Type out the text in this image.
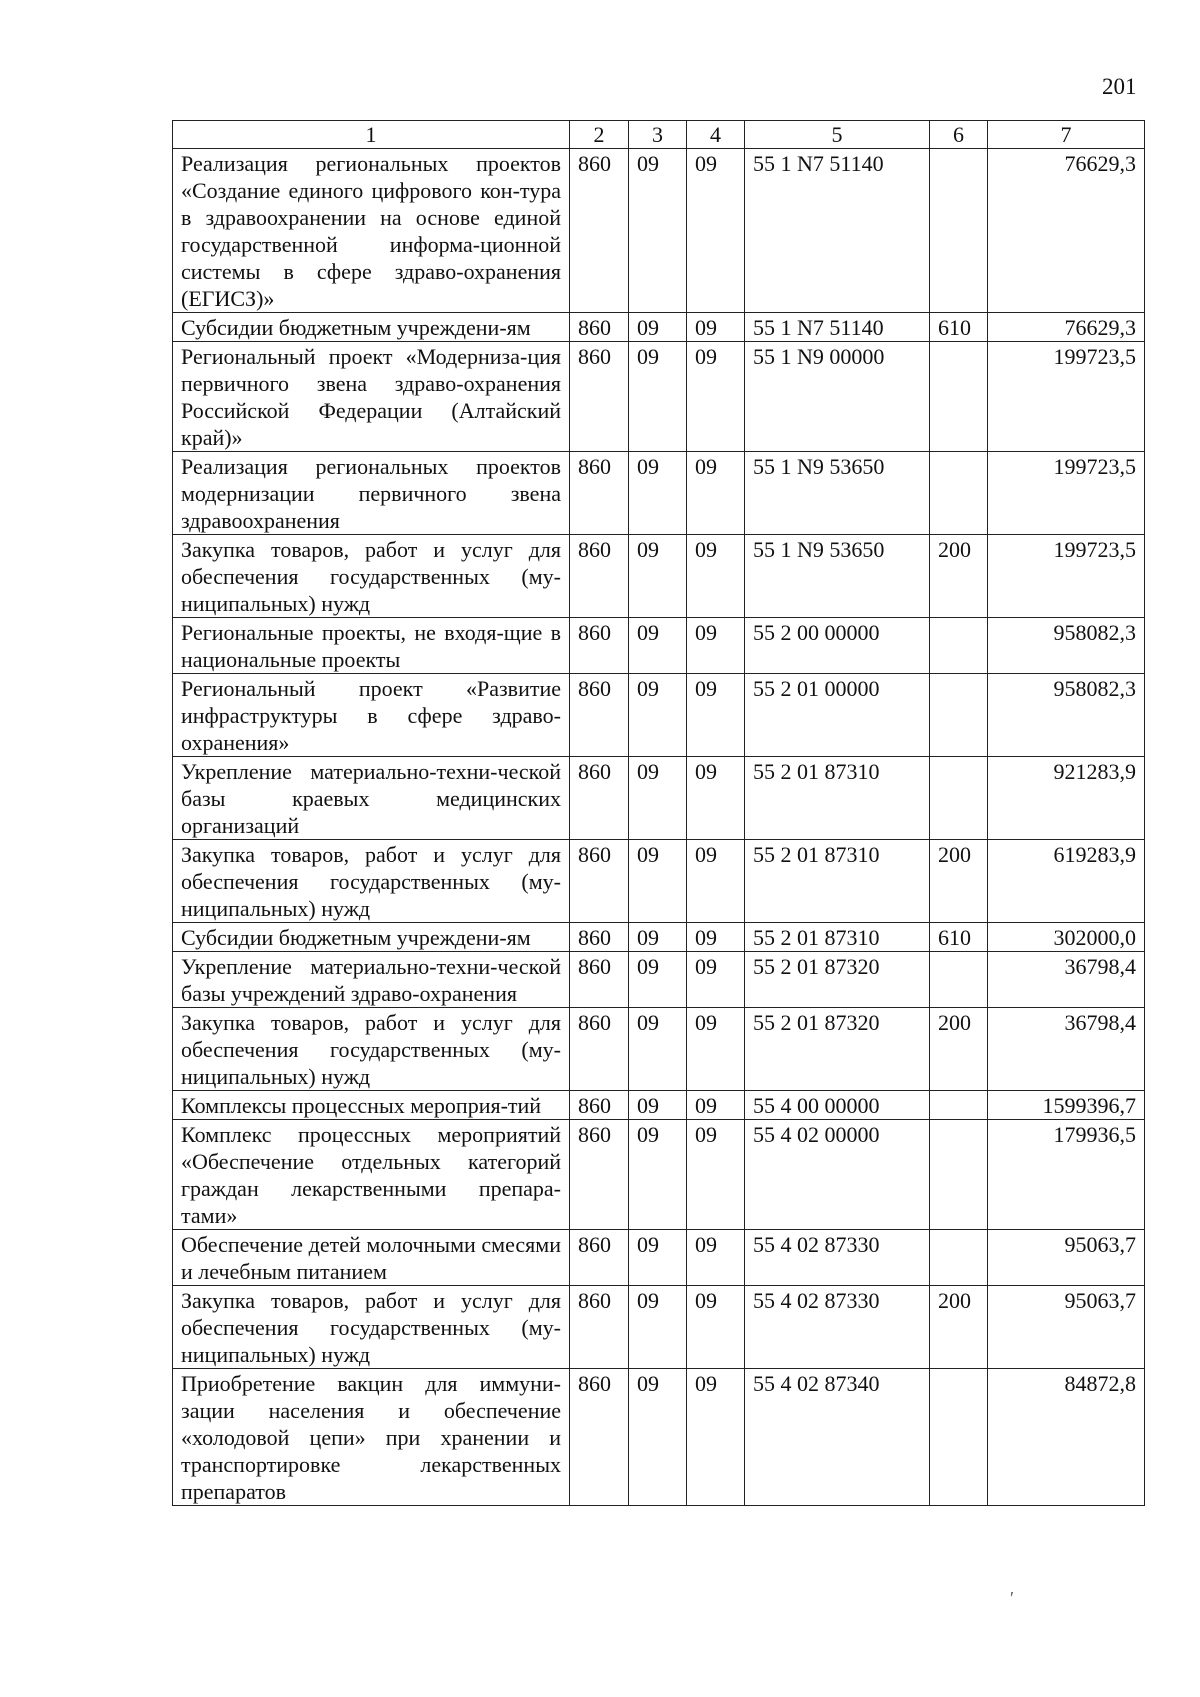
201
1	2	3	4	5	6	7
Реализация региональных проектов «Создание единого цифрового кон-тура в здравоохранении на основе единой государственной информа-ционной системы в сфере здраво-охранения (ЕГИСЗ)»	860	09	09	55 1 N7 51140		76629,3
Субсидии бюджетным учреждени-ям	860	09	09	55 1 N7 51140	610	76629,3
Региональный проект «Модерниза-ция первичного звена здраво-охранения Российской Федерации (Алтайский край)»	860	09	09	55 1 N9 00000		199723,5
Реализация региональных проектов модернизации первичного звена здравоохранения	860	09	09	55 1 N9 53650		199723,5
Закупка товаров, работ и услуг для обеспечения государственных (му-ниципальных) нужд	860	09	09	55 1 N9 53650	200	199723,5
Региональные проекты, не входя-щие в национальные проекты	860	09	09	55 2 00 00000		958082,3
Региональный проект «Развитие инфраструктуры в сфере здраво-охранения»	860	09	09	55 2 01 00000		958082,3
Укрепление материально-техни-ческой базы краевых медицинских организаций	860	09	09	55 2 01 87310		921283,9
Закупка товаров, работ и услуг для обеспечения государственных (му-ниципальных) нужд	860	09	09	55 2 01 87310	200	619283,9
Субсидии бюджетным учреждени-ям	860	09	09	55 2 01 87310	610	302000,0
Укрепление материально-техни-ческой базы учреждений здраво-охранения	860	09	09	55 2 01 87320		36798,4
Закупка товаров, работ и услуг для обеспечения государственных (му-ниципальных) нужд	860	09	09	55 2 01 87320	200	36798,4
Комплексы процессных мероприя-тий	860	09	09	55 4 00 00000		1599396,7
Комплекс процессных мероприятий «Обеспечение отдельных категорий граждан лекарственными препара-тами»	860	09	09	55 4 02 00000		179936,5
Обеспечение детей молочными смесями и лечебным питанием	860	09	09	55 4 02 87330		95063,7
Закупка товаров, работ и услуг для обеспечения государственных (му-ниципальных) нужд	860	09	09	55 4 02 87330	200	95063,7
Приобретение вакцин для иммуни-зации населения и обеспечение «холодовой цепи» при хранении и транспортировке лекарственных препаратов	860	09	09	55 4 02 87340		84872,8
′
